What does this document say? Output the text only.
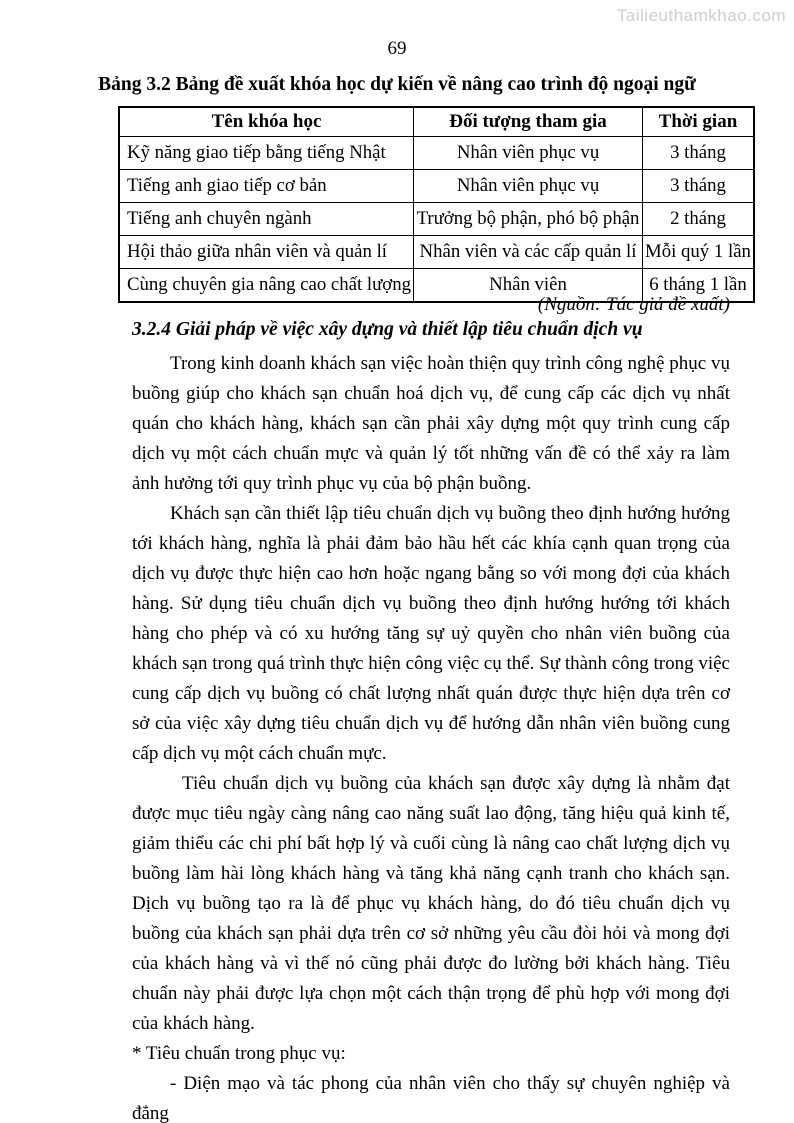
Tailieuthamkhao.com
69
Bảng 3.2 Bảng đề xuất khóa học dự kiến về nâng cao trình độ ngoại ngữ
Tên khóa học	Đối tượng tham gia	Thời gian
Kỹ năng giao tiếp bằng tiếng Nhật	Nhân viên phục vụ	3 tháng
Tiếng anh giao tiếp cơ bản	Nhân viên phục vụ	3 tháng
Tiếng anh chuyên ngành	Trưởng bộ phận, phó bộ phận	2 tháng
Hội thảo giữa nhân viên và quản lí	Nhân viên và các cấp quản lí	Mỗi quý 1 lần
Cùng chuyên gia nâng cao chất lượng	Nhân viên	6 tháng 1 lần
(Nguồn: Tác giả đề xuất)
3.2.4 Giải pháp về việc xây dựng và thiết lập tiêu chuẩn dịch vụ

Trong kinh doanh khách sạn việc hoàn thiện quy trình công nghệ phục vụ buồng giúp cho khách sạn chuẩn hoá dịch vụ, để cung cấp các dịch vụ nhất quán cho khách hàng, khách sạn cần phải xây dựng một quy trình cung cấp dịch vụ một cách chuẩn mực và quản lý tốt những vấn đề có thể xảy ra làm ảnh hưởng tới quy trình phục vụ của bộ phận buồng.

Khách sạn cần thiết lập tiêu chuẩn dịch vụ buồng theo định hướng hướng tới khách hàng, nghĩa là phải đảm bảo hầu hết các khía cạnh quan trọng của dịch vụ được thực hiện cao hơn hoặc ngang bằng so với mong đợi của khách hàng. Sử dụng tiêu chuẩn dịch vụ buồng theo định hướng hướng tới khách hàng cho phép và có xu hướng tăng sự uỷ quyền cho nhân viên buồng của khách sạn trong quá trình thực hiện công việc cụ thể. Sự thành công trong việc cung cấp dịch vụ buồng có chất lượng nhất quán được thực hiện dựa trên cơ sở của việc xây dựng tiêu chuẩn dịch vụ để hướng dẫn nhân viên buồng cung cấp dịch vụ một cách chuẩn mực.

Tiêu chuẩn dịch vụ buồng của khách sạn được xây dựng là nhằm đạt được mục tiêu ngày càng nâng cao năng suất lao động, tăng hiệu quả kinh tế, giảm thiểu các chi phí bất hợp lý và cuối cùng là nâng cao chất lượng dịch vụ buồng làm hài lòng khách hàng và tăng khả năng cạnh tranh cho khách sạn. Dịch vụ buồng tạo ra là để phục vụ khách hàng, do đó tiêu chuẩn dịch vụ buồng của khách sạn phải dựa trên cơ sở những yêu cầu đòi hỏi và mong đợi của khách hàng và vì thế nó cũng phải được đo lường bởi khách hàng. Tiêu chuẩn này phải được lựa chọn một cách thận trọng để phù hợp với mong đợi của khách hàng.

* Tiêu chuẩn trong phục vụ:

- Diện mạo và tác phong của nhân viên cho thấy sự chuyên nghiệp và đẳng
